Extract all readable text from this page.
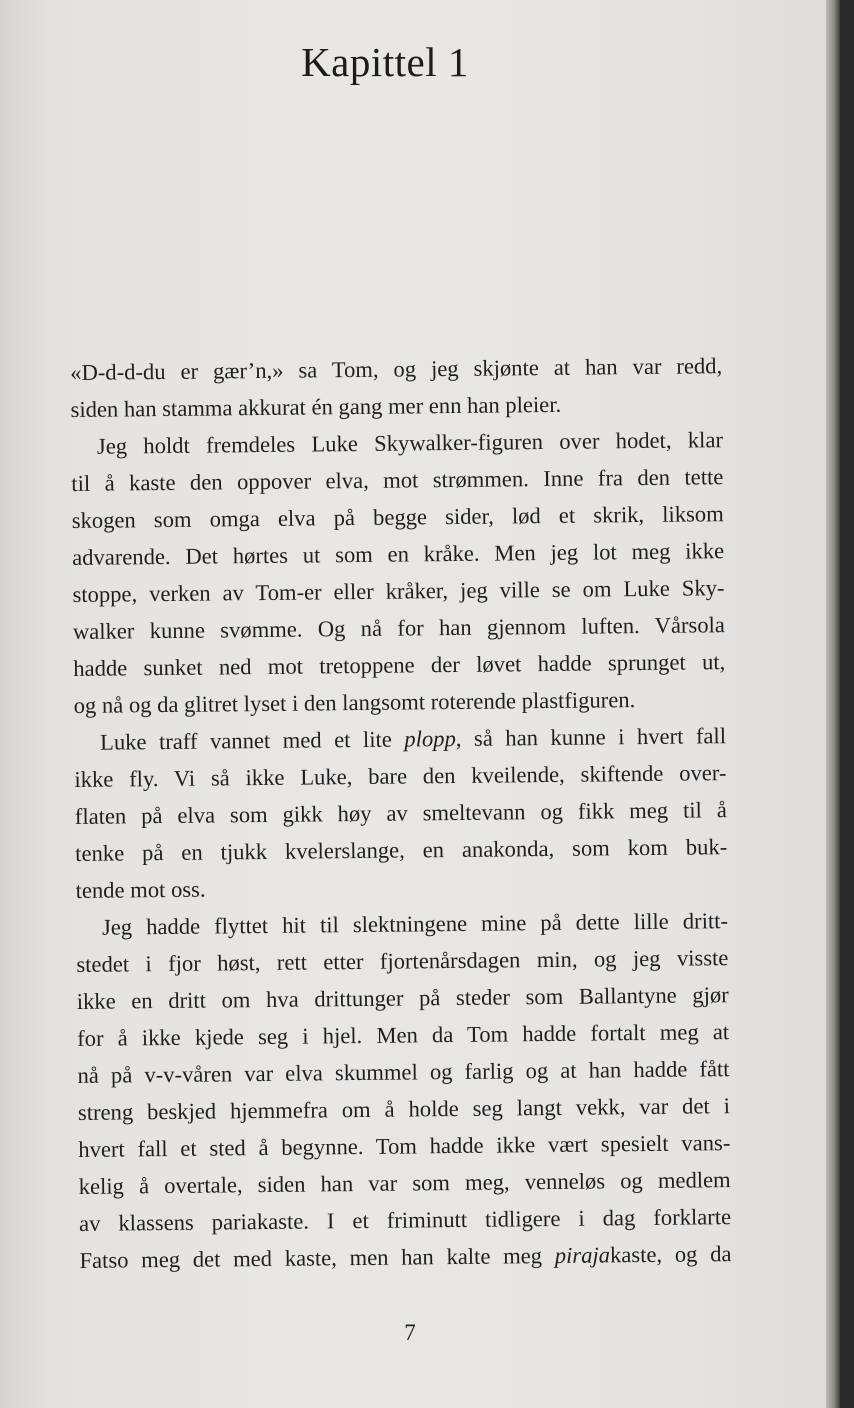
Kapittel 1
«D-d-d-du er gær’n,» sa Tom, og jeg skjønte at han var redd,
siden han stamma akkurat én gang mer enn han pleier.
Jeg holdt fremdeles Luke Skywalker-figuren over hodet, klar
til å kaste den oppover elva, mot strømmen. Inne fra den tette
skogen som omga elva på begge sider, lød et skrik, liksom
advarende. Det hørtes ut som en kråke. Men jeg lot meg ikke
stoppe, verken av Tom-er eller kråker, jeg ville se om Luke Sky-
walker kunne svømme. Og nå for han gjennom luften. Vårsola
hadde sunket ned mot tretoppene der løvet hadde sprunget ut,
og nå og da glitret lyset i den langsomt roterende plastfiguren.
Luke traff vannet med et lite plopp, så han kunne i hvert fall
ikke fly. Vi så ikke Luke, bare den kveilende, skiftende over-
flaten på elva som gikk høy av smeltevann og fikk meg til å
tenke på en tjukk kvelerslange, en anakonda, som kom buk-
tende mot oss.
Jeg hadde flyttet hit til slektningene mine på dette lille dritt-
stedet i fjor høst, rett etter fjortenårsdagen min, og jeg visste
ikke en dritt om hva drittunger på steder som Ballantyne gjør
for å ikke kjede seg i hjel. Men da Tom hadde fortalt meg at
nå på v-v-våren var elva skummel og farlig og at han hadde fått
streng beskjed hjemmefra om å holde seg langt vekk, var det i
hvert fall et sted å begynne. Tom hadde ikke vært spesielt vans-
kelig å overtale, siden han var som meg, venneløs og medlem
av klassens pariakaste. I et friminutt tidligere i dag forklarte
Fatso meg det med kaste, men han kalte meg pirajakaste, og da

7
